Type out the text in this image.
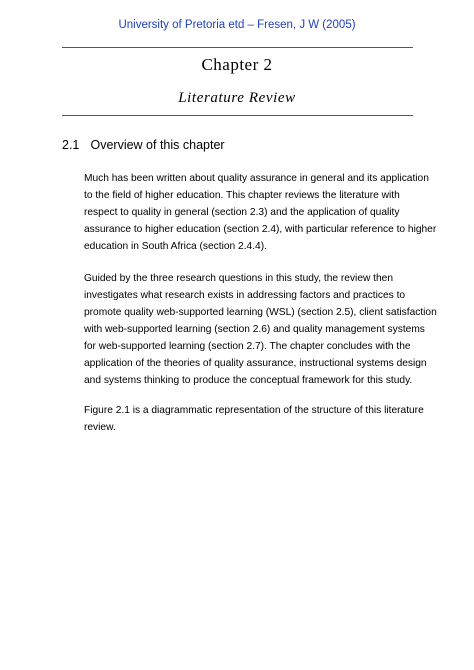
University of Pretoria etd – Fresen, J W (2005)
Chapter 2
Literature Review
2.1 Overview of this chapter
Much has been written about quality assurance in general and its application
to the field of higher education. This chapter reviews the literature with
respect to quality in general (section 2.3) and the application of quality
assurance to higher education (section 2.4), with particular reference to higher
education in South Africa (section 2.4.4).
Guided by the three research questions in this study, the review then
investigates what research exists in addressing factors and practices to
promote quality web-supported learning (WSL) (section 2.5), client satisfaction
with web-supported learning (section 2.6) and quality management systems
for web-supported learning (section 2.7). The chapter concludes with the
application of the theories of quality assurance, instructional systems design
and systems thinking to produce the conceptual framework for this study.
Figure 2.1 is a diagrammatic representation of the structure of this literature
review.
